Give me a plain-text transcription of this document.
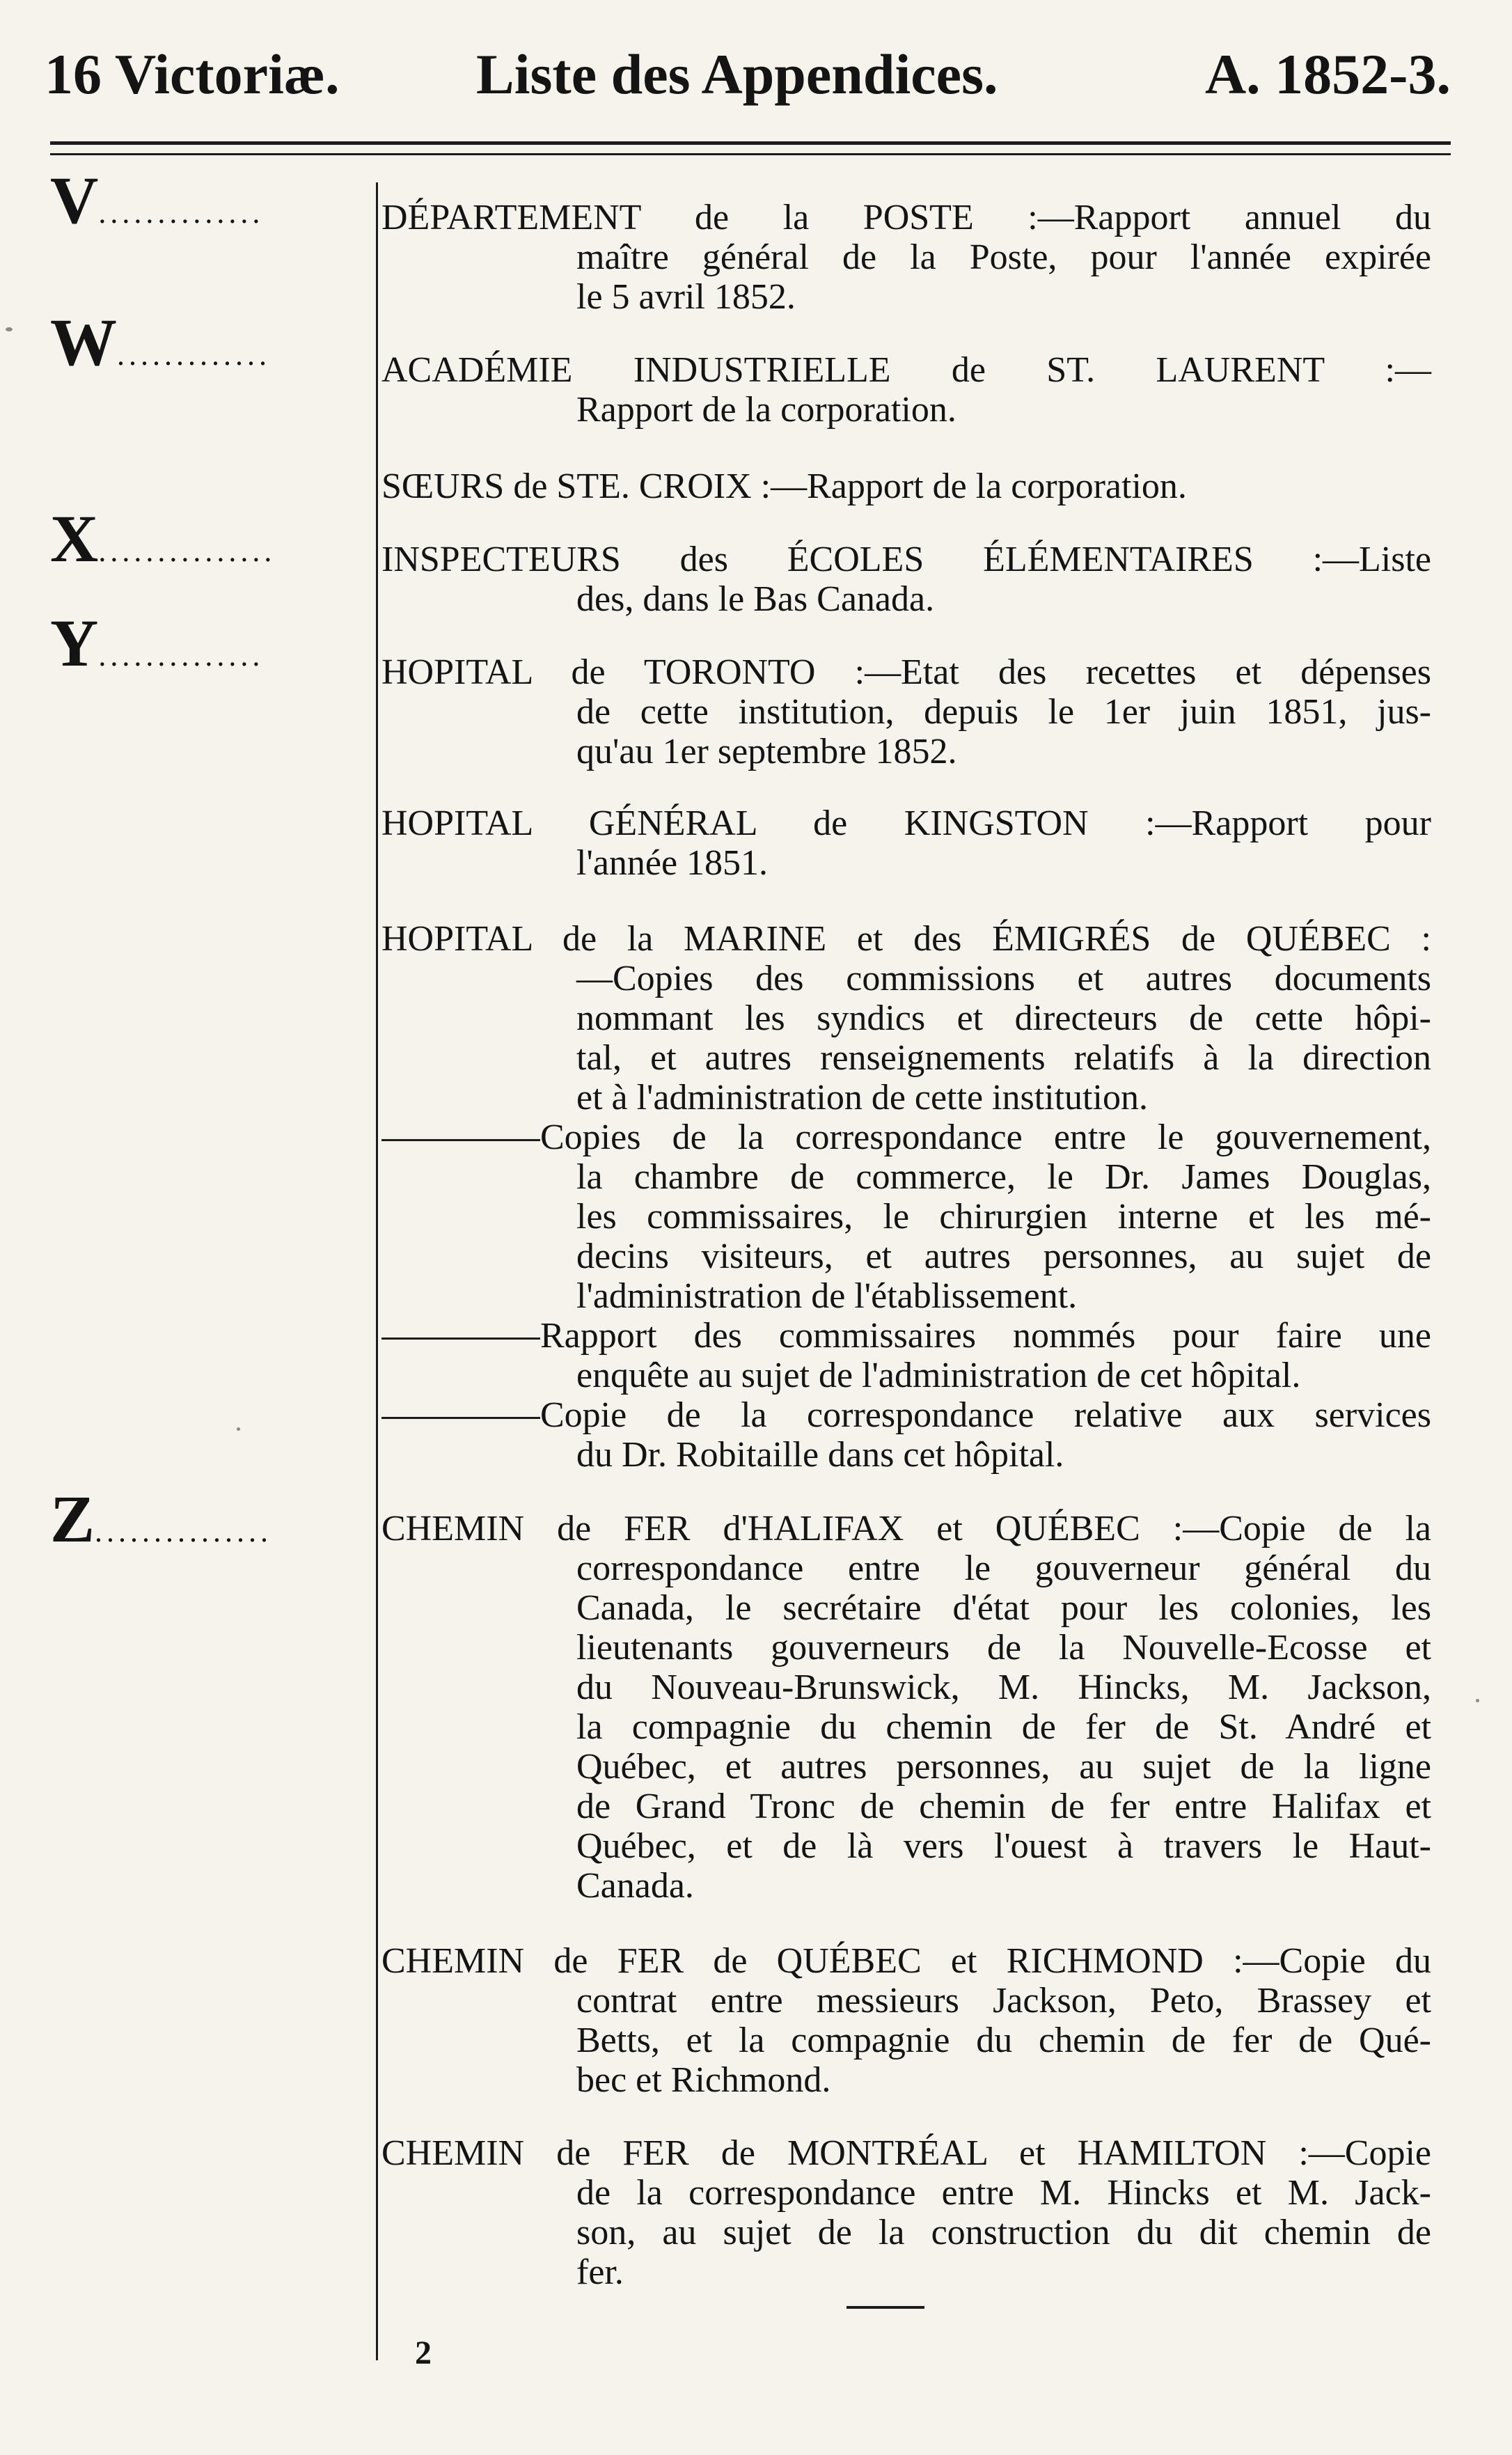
16 Victoriæ. Liste des Appendices.	A. 1852-3.
V..............
W.............
X...............
Y..............
Z...............
DÉPARTEMENT de la POSTE :—Rapport annuel du
maître général de la Poste, pour l'année expirée
le 5 avril 1852.
ACADÉMIE INDUSTRIELLE de ST. LAURENT :—
Rapport de la corporation.
SŒURS de STE. CROIX :—Rapport de la corporation.
INSPECTEURS des ÉCOLES ÉLÉMENTAIRES :—Liste
des, dans le Bas Canada.
HOPITAL de TORONTO :—Etat des recettes et dépenses
de cette institution, depuis le 1er juin 1851, jus-
qu'au 1er septembre 1852.
HOPITAL GÉNÉRAL de KINGSTON :—Rapport pour
l'année 1851.
HOPITAL de la MARINE et des ÉMIGRÉS de QUÉBEC :
—Copies des commissions et autres documents
nommant les syndics et directeurs de cette hôpi-
tal, et autres renseignements relatifs à la direction
et à l'administration de cette institution.
Copies de la correspondance entre le gouvernement,
la chambre de commerce, le Dr. James Douglas,
les commissaires, le chirurgien interne et les mé-
decins visiteurs, et autres personnes, au sujet de
l'administration de l'établissement.
Rapport des commissaires nommés pour faire une
enquête au sujet de l'administration de cet hôpital.
Copie de la correspondance relative aux services
du Dr. Robitaille dans cet hôpital.
CHEMIN de FER d'HALIFAX et QUÉBEC :—Copie de la
correspondance entre le gouverneur général du
Canada, le secrétaire d'état pour les colonies, les
lieutenants gouverneurs de la Nouvelle-Ecosse et
du Nouveau-Brunswick, M. Hincks, M. Jackson,
la compagnie du chemin de fer de St. André et
Québec, et autres personnes, au sujet de la ligne
de Grand Tronc de chemin de fer entre Halifax et
Québec, et de là vers l'ouest à travers le Haut-
Canada.
CHEMIN de FER de QUÉBEC et RICHMOND :—Copie du
contrat entre messieurs Jackson, Peto, Brassey et
Betts, et la compagnie du chemin de fer de Qué-
bec et Richmond.
CHEMIN de FER de MONTRÉAL et HAMILTON :—Copie
de la correspondance entre M. Hincks et M. Jack-
son, au sujet de la construction du dit chemin de
fer.
2
